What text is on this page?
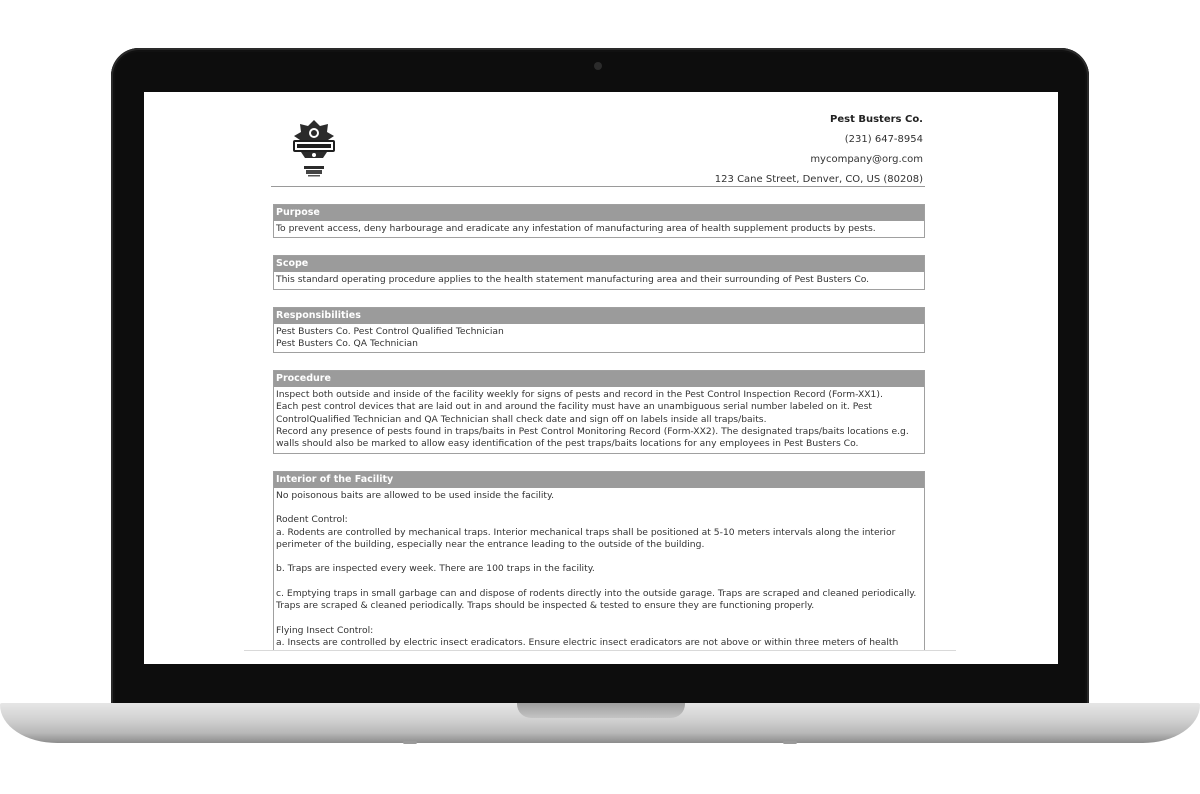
Pest Busters Co.
(231) 647-8954
mycompany@org.com
123 Cane Street, Denver, CO, US (80208)
Purpose
To prevent access, deny harbourage and eradicate any infestation of manufacturing area of health supplement products by pests.
Scope
This standard operating procedure applies to the health statement manufacturing area and their surrounding of Pest Busters Co.
Responsibilities
Pest Busters Co. Pest Control Qualified Technician
Pest Busters Co. QA Technician
Procedure
Inspect both outside and inside of the facility weekly for signs of pests and record in the Pest Control Inspection Record (Form-XX1).
Each pest control devices that are laid out in and around the facility must have an unambiguous serial number labeled on it. Pest ControlQualified Technician and QA Technician shall check date and sign off on labels inside all traps/baits.
Record any presence of pests found in traps/baits in Pest Control Monitoring Record (Form-XX2). The designated traps/baits locations e.g. walls should also be marked to allow easy identification of the pest traps/baits locations for any employees in Pest Busters Co.
Interior of the Facility
No poisonous baits are allowed to be used inside the facility.

Rodent Control:
a. Rodents are controlled by mechanical traps. Interior mechanical traps shall be positioned at 5-10 meters intervals along the interior perimeter of the building, especially near the entrance leading to the outside of the building.

b. Traps are inspected every week. There are 100 traps in the facility.

c. Emptying traps in small garbage can and dispose of rodents directly into the outside garage. Traps are scraped and cleaned periodically. Traps are scraped & cleaned periodically. Traps should be inspected & tested to ensure they are functioning properly.

Flying Insect Control:
a. Insects are controlled by electric insect eradicators. Ensure electric insect eradicators are not above or within three meters of health
